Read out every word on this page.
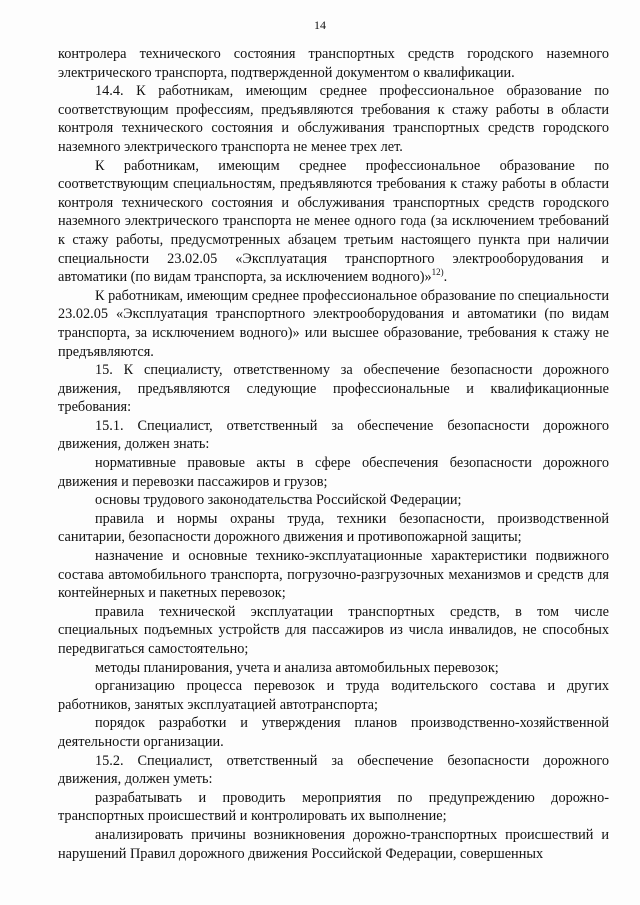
14

контролера технического состояния транспортных средств городского наземного электрического транспорта, подтвержденной документом о квалификации.

14.4. К работникам, имеющим среднее профессиональное образование по соответствующим профессиям, предъявляются требования к стажу работы в области контроля технического состояния и обслуживания транспортных средств городского наземного электрического транспорта не менее трех лет.

К работникам, имеющим среднее профессиональное образование по соответствующим специальностям, предъявляются требования к стажу работы в области контроля технического состояния и обслуживания транспортных средств городского наземного электрического транспорта не менее одного года (за исключением требований к стажу работы, предусмотренных абзацем третьим настоящего пункта при наличии специальности 23.02.05 «Эксплуатация транспортного электрооборудования и автоматики (по видам транспорта, за исключением водного)»$^{12)}$.

К работникам, имеющим среднее профессиональное образование по специальности 23.02.05 «Эксплуатация транспортного электрооборудования и автоматики (по видам транспорта, за исключением водного)» или высшее образование, требования к стажу не предъявляются.

15. К специалисту, ответственному за обеспечение безопасности дорожного движения, предъявляются следующие профессиональные и квалификационные требования:

15.1. Специалист, ответственный за обеспечение безопасности дорожного движения, должен знать:

нормативные правовые акты в сфере обеспечения безопасности дорожного движения и перевозки пассажиров и грузов;

основы трудового законодательства Российской Федерации;

правила и нормы охраны труда, техники безопасности, производственной санитарии, безопасности дорожного движения и противопожарной защиты;

назначение и основные технико-эксплуатационные характеристики подвижного состава автомобильного транспорта, погрузочно-разгрузочных механизмов и средств для контейнерных и пакетных перевозок;

правила технической эксплуатации транспортных средств, в том числе специальных подъемных устройств для пассажиров из числа инвалидов, не способных передвигаться самостоятельно;

методы планирования, учета и анализа автомобильных перевозок;

организацию процесса перевозок и труда водительского состава и других работников, занятых эксплуатацией автотранспорта;

порядок разработки и утверждения планов производственно-хозяйственной деятельности организации.

15.2. Специалист, ответственный за обеспечение безопасности дорожного движения, должен уметь:

разрабатывать и проводить мероприятия по предупреждению дорожно-транспортных происшествий и контролировать их выполнение;

анализировать причины возникновения дорожно-транспортных происшествий и нарушений Правил дорожного движения Российской Федерации, совершенных
